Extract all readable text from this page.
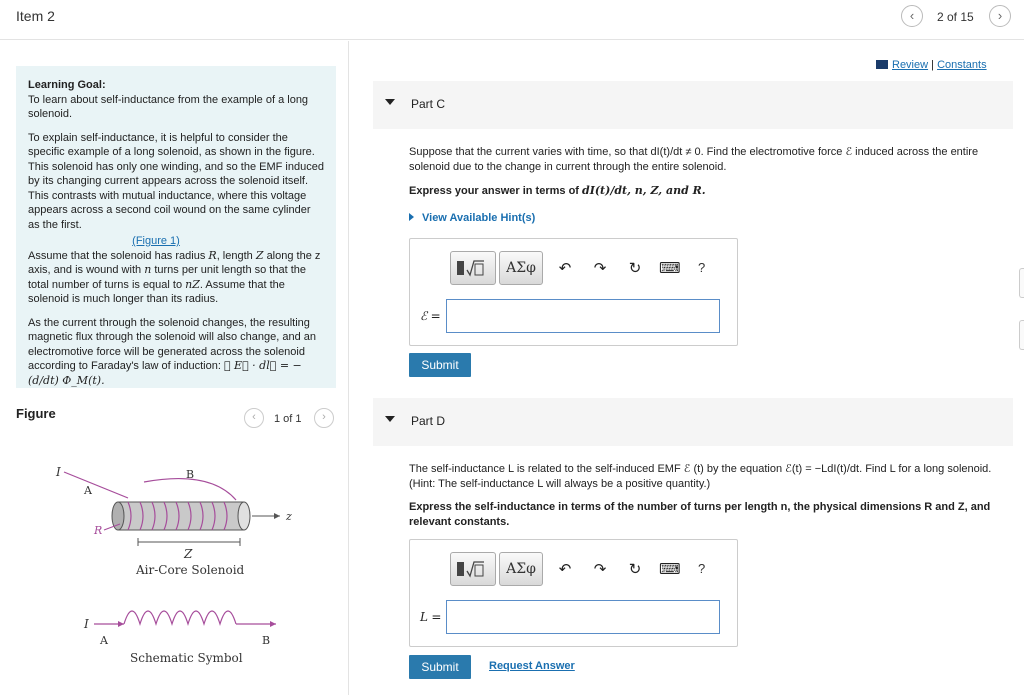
Item 2	‹	2 of 15	›

Learning Goal:
To learn about self-inductance from the example of a long solenoid.

To explain self-inductance, it is helpful to consider the specific example of a long solenoid, as shown in the figure. This solenoid has only one winding, and so the EMF induced by its changing current appears across the solenoid itself. This contrasts with mutual inductance, where this voltage appears across a second coil wound on the same cylinder as the first.

(Figure 1)

Assume that the solenoid has radius R, length Z along the z axis, and is wound with n turns per unit length so that the total number of turns is equal to nZ. Assume that the solenoid is much longer than its radius.

As the current through the solenoid changes, the resulting magnetic flux through the solenoid will also change, and an electromotive force will be generated across the solenoid according to Faraday's law of induction: ∮ E⃗ · dl⃗ = −(d/dt) Φ_M(t).

Figure	‹	1 of 1	›
I
A
B
z
R
Z
Air-Core Solenoid
I
A	B
Schematic Symbol
Review | Constants
Part C
Suppose that the current varies with time, so that dI(t)/dt ≠ 0. Find the electromotive force ℰ induced across the entire solenoid due to the change in current through the entire solenoid.
Express your answer in terms of dI(t)/dt, n, Z, and R.
View Available Hint(s)
ΑΣφ	↶ ↷ ↻ ⌨ ?
ℰ =
Submit
Part D
The self-inductance L is related to the self-induced EMF ℰ (t) by the equation ℰ(t) = −LdI(t)/dt. Find L for a long solenoid. (Hint: The self-inductance L will always be a positive quantity.)
Express the self-inductance in terms of the number of turns per length n, the physical dimensions R and Z, and relevant constants.
ΑΣφ	↶ ↷ ↻ ⌨ ?
L =
Submit	Request Answer
